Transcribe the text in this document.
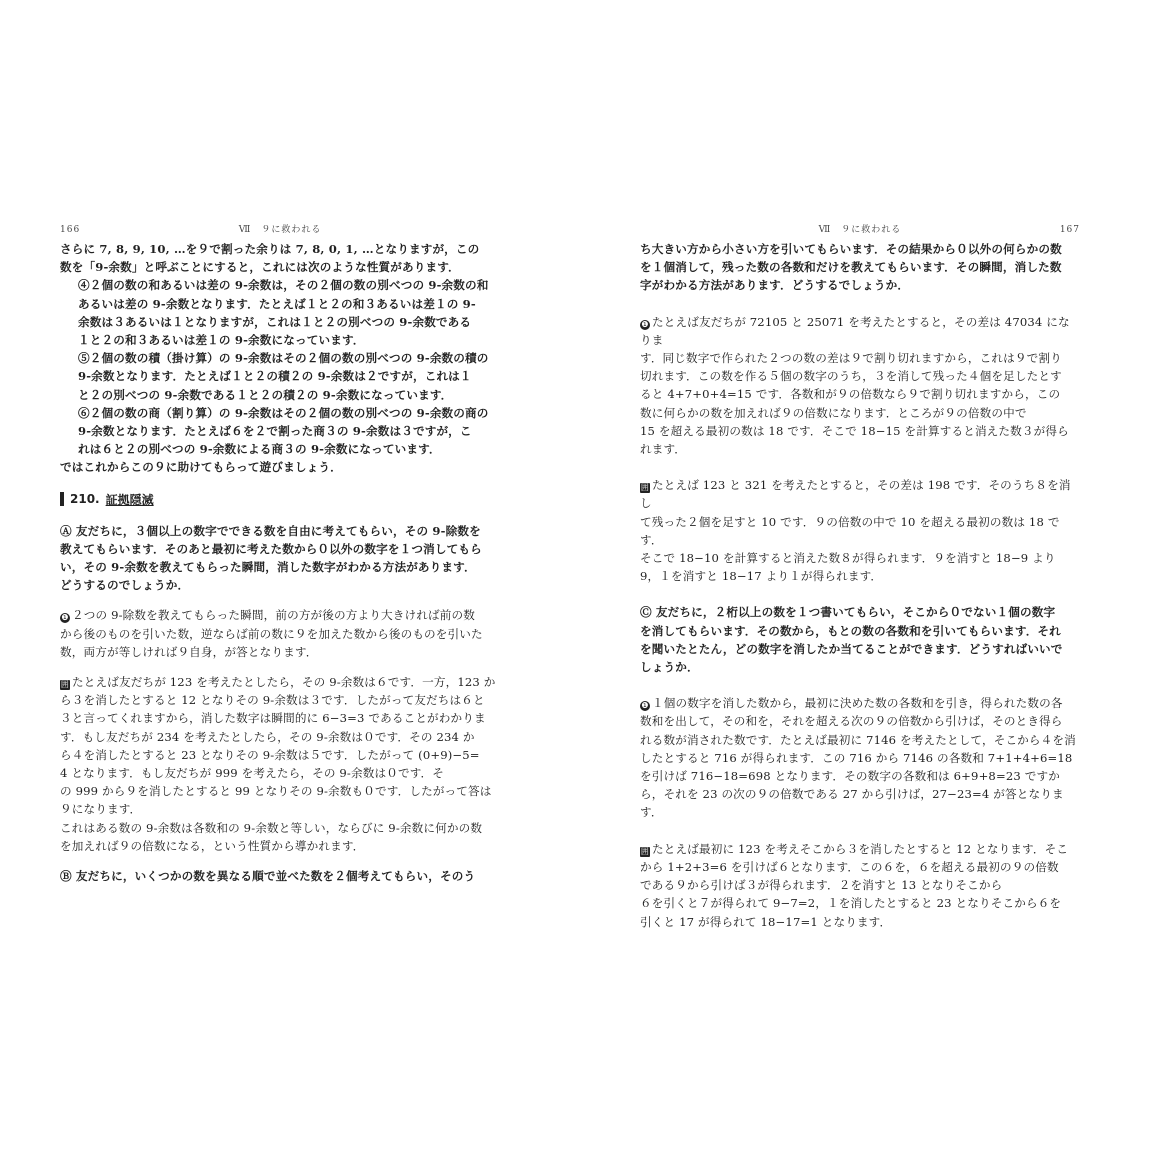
166	Ⅶ　９に救われる

さらに 7, 8, 9, 10, …を９で割った余りは 7, 8, 0, 1, …となりますが，この
数を「9-余数」と呼ぶことにすると，これには次のような性質があります．

④２個の数の和あるいは差の 9-余数は，その２個の数の別べつの 9-余数の和
あるいは差の 9-余数となります．たとえば１と２の和３あるいは差１の 9-
余数は３あるいは１となりますが，これは１と２の別べつの 9-余数である
１と２の和３あるいは差１の 9-余数になっています．

⑤２個の数の積（掛け算）の 9-余数はその２個の数の別べつの 9-余数の積の
9-余数となります．たとえば１と２の積２の 9-余数は２ですが，これは１
と２の別べつの 9-余数である１と２の積２の 9-余数になっています．

⑥２個の数の商（割り算）の 9-余数はその２個の数の別べつの 9-余数の商の
9-余数となります．たとえば６を２で割った商３の 9-余数は３ですが，こ
れは６と２の別べつの 9-余数による商３の 9-余数になっています．

ではこれからこの９に助けてもらって遊びましょう．

210. 証拠隠滅

Ⓐ 友だちに，３個以上の数字でできる数を自由に考えてもらい，その 9-除数を
教えてもらいます．そのあと最初に考えた数から０以外の数字を１つ消してもら
い，その 9-余数を教えてもらった瞬間，消した数字がわかる方法があります．
どうするのでしょうか．

❶ ２つの 9-除数を教えてもらった瞬間，前の方が後の方より大きければ前の数
から後のものを引いた数，逆ならば前の数に９を加えた数から後のものを引いた
数，両方が等しければ９自身，が答となります．

囲 たとえば友だちが 123 を考えたとしたら，その 9-余数は６です．一方，123 か
ら３を消したとすると 12 となりその 9-余数は３です．したがって友だちは６と
３と言ってくれますから，消した数字は瞬間的に 6−3=3 であることがわかりま
す．もし友だちが 234 を考えたとしたら，その 9-余数は０です．その 234 か
ら４を消したとすると 23 となりその 9-余数は５です．したがって (0+9)−5=
4 となります．もし友だちが 999 を考えたら，その 9-余数は０です．そ
の 999 から９を消したとすると 99 となりその 9-余数も０です．したがって答は
９になります．
これはある数の 9-余数は各数和の 9-余数と等しい，ならびに 9-余数に何かの数
を加えれば９の倍数になる，という性質から導かれます．

Ⓑ 友だちに，いくつかの数を異なる順で並べた数を２個考えてもらい，そのう

Ⅶ　９に救われる	167

ち大きい方から小さい方を引いてもらいます．その結果から０以外の何らかの数
を１個消して，残った数の各数和だけを教えてもらいます．その瞬間，消した数
字がわかる方法があります．どうするでしょうか．

❶ たとえば友だちが 72105 と 25071 を考えたとすると，その差は 47034 になりま
す．同じ数字で作られた２つの数の差は９で割り切れますから，これは９で割り
切れます．この数を作る５個の数字のうち，３を消して残った４個を足したとす
ると 4+7+0+4=15 です．各数和が９の倍数なら９で割り切れますから，この
数に何らかの数を加えれば９の倍数になります．ところが９の倍数の中で
15 を超える最初の数は 18 です．そこで 18−15 を計算すると消えた数３が得ら
れます．

囲 たとえば 123 と 321 を考えたとすると，その差は 198 です．そのうち８を消し
て残った２個を足すと 10 です．９の倍数の中で 10 を超える最初の数は 18 です．
そこで 18−10 を計算すると消えた数８が得られます．９を消すと 18−9 より
9，１を消すと 18−17 より１が得られます．

Ⓒ 友だちに，２桁以上の数を１つ書いてもらい，そこから０でない１個の数字
を消してもらいます．その数から，もとの数の各数和を引いてもらいます．それ
を聞いたとたん，どの数字を消したか当てることができます．どうすればいいで
しょうか．

❶ １個の数字を消した数から，最初に決めた数の各数和を引き，得られた数の各
数和を出して，その和を，それを超える次の９の倍数から引けば，そのとき得ら
れる数が消された数です．たとえば最初に 7146 を考えたとして，そこから４を消
したとすると 716 が得られます．この 716 から 7146 の各数和 7+1+4+6=18
を引けば 716−18=698 となります．その数字の各数和は 6+9+8=23 ですか
ら，それを 23 の次の９の倍数である 27 から引けば，27−23=4 が答となります．

囲 たとえば最初に 123 を考えそこから３を消したとすると 12 となります．そこ
から 1+2+3=6 を引けば６となります．この６を，６を超える最初の９の倍数
である９から引けば３が得られます．２を消すと 13 となりそこから
６を引くと７が得られて 9−7=2，１を消したとすると 23 となりそこから６を
引くと 17 が得られて 18−17=1 となります．
